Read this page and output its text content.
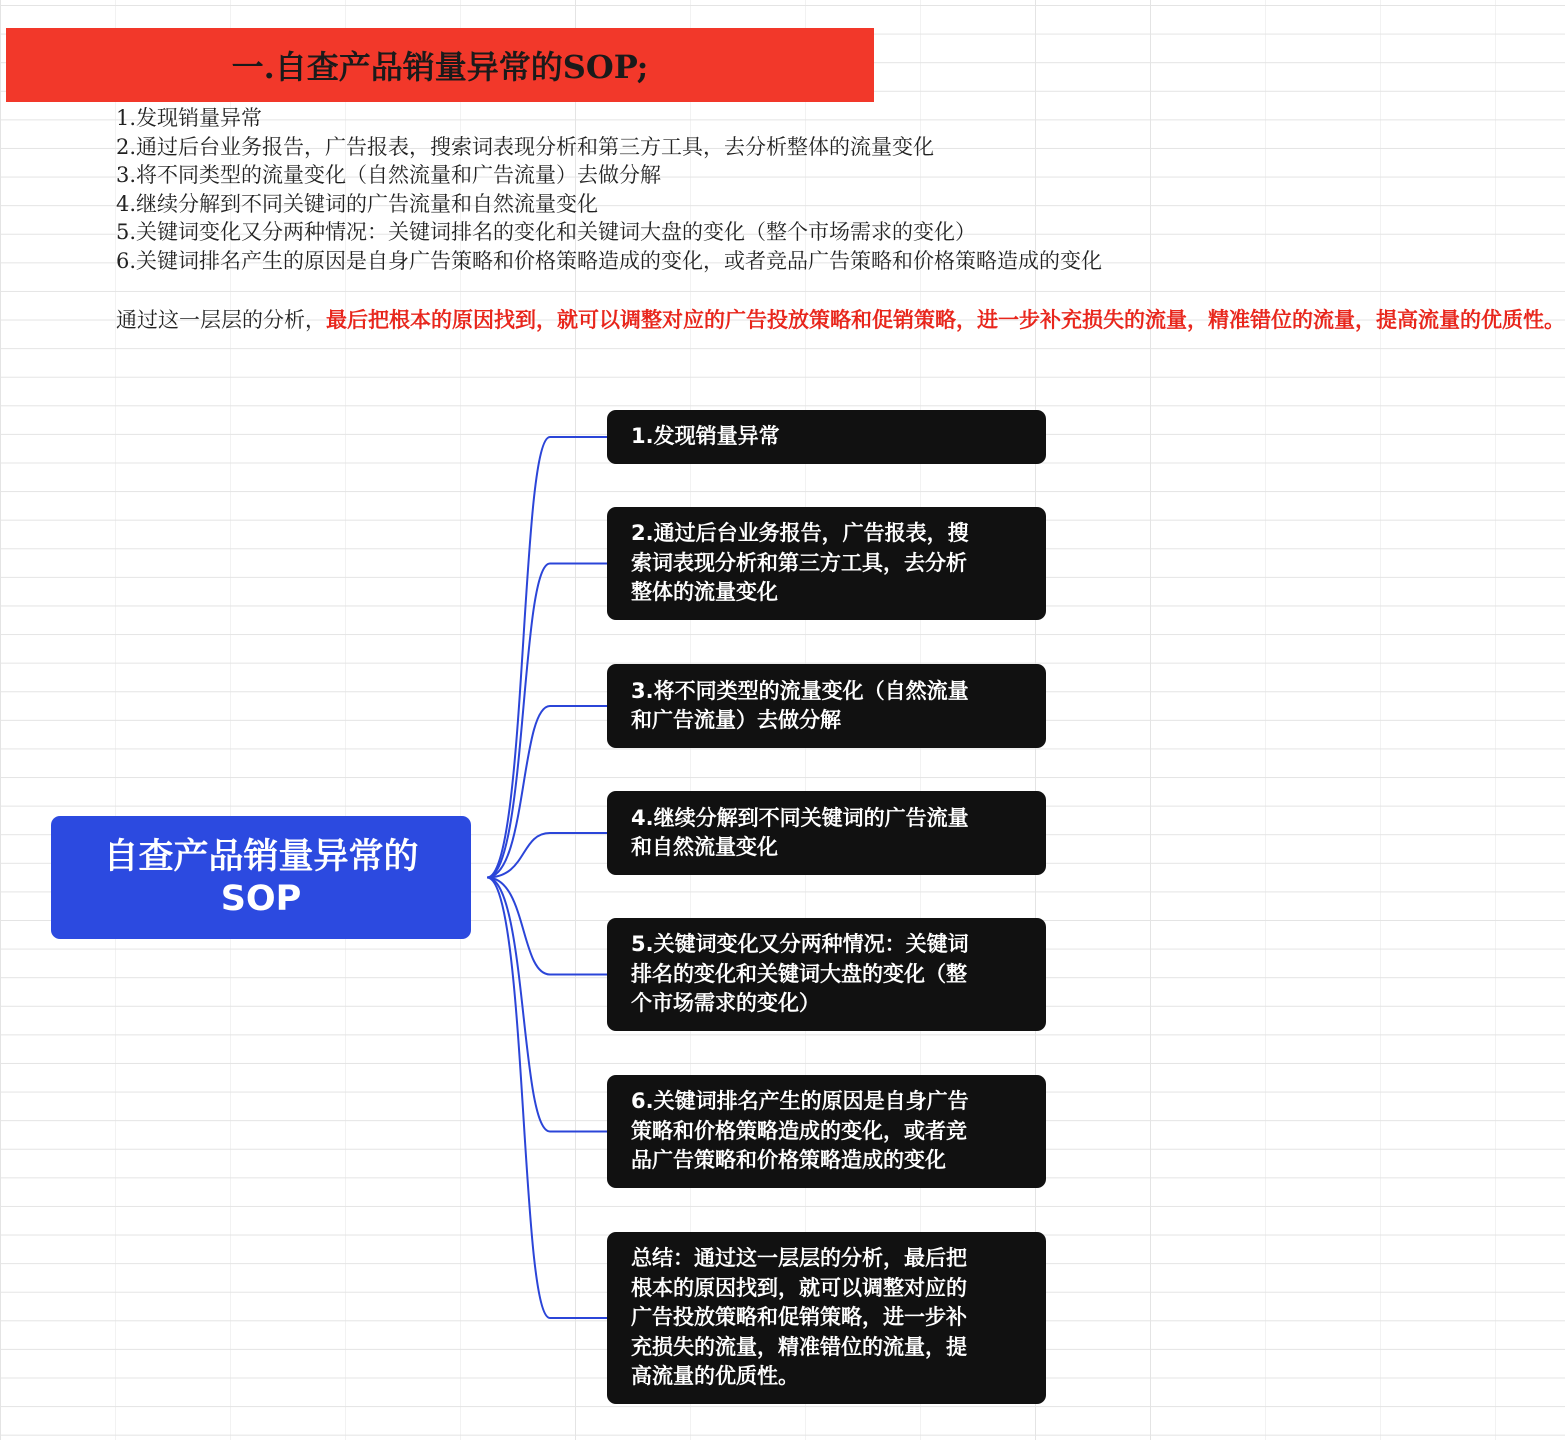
一.自查产品销量异常的SOP;
1.发现销量异常
2.通过后台业务报告，广告报表，搜索词表现分析和第三方工具，去分析整体的流量变化
3.将不同类型的流量变化（自然流量和广告流量）去做分解
4.继续分解到不同关键词的广告流量和自然流量变化
5.关键词变化又分两种情况：关键词排名的变化和关键词大盘的变化（整个市场需求的变化）
6.关键词排名产生的原因是自身广告策略和价格策略造成的变化，或者竞品广告策略和价格策略造成的变化
通过这一层层的分析，最后把根本的原因找到，就可以调整对应的广告投放策略和促销策略，进一步补充损失的流量，精准错位的流量，提高流量的优质性。
自查产品销量异常的
SOP
1.发现销量异常
2.通过后台业务报告，广告报表，搜
索词表现分析和第三方工具，去分析
整体的流量变化
3.将不同类型的流量变化（自然流量
和广告流量）去做分解
4.继续分解到不同关键词的广告流量
和自然流量变化
5.关键词变化又分两种情况：关键词
排名的变化和关键词大盘的变化（整
个市场需求的变化）
6.关键词排名产生的原因是自身广告
策略和价格策略造成的变化，或者竞
品广告策略和价格策略造成的变化
总结：通过这一层层的分析，最后把
根本的原因找到，就可以调整对应的
广告投放策略和促销策略，进一步补
充损失的流量，精准错位的流量，提
高流量的优质性。
